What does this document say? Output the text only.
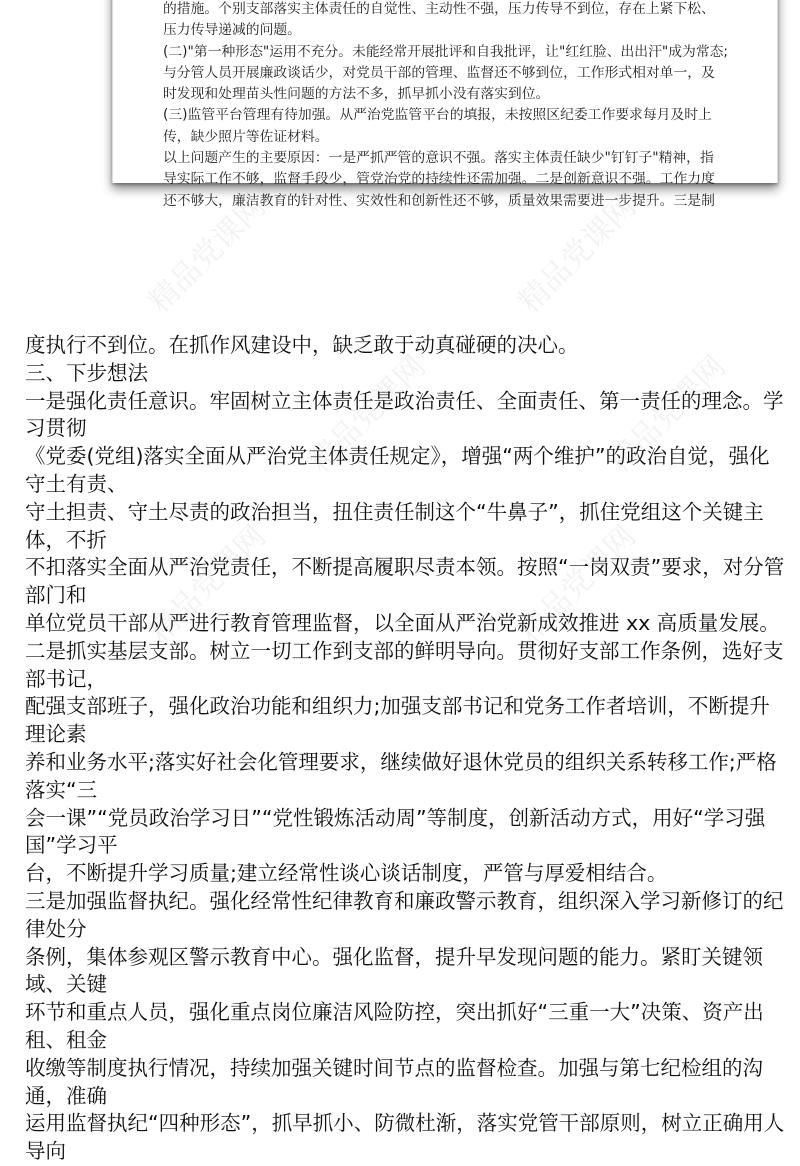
的措施。个别支部落实主体责任的自觉性、主动性不强，压力传导不到位，存在上紧下松、
压力传导递减的问题。
(二)"第一种形态"运用不充分。未能经常开展批评和自我批评，让"红红脸、出出汗"成为常态;
与分管人员开展廉政谈话少，对党员干部的管理、监督还不够到位，工作形式相对单一，及
时发现和处理苗头性问题的方法不多，抓早抓小没有落实到位。
(三)监管平台管理有待加强。从严治党监管平台的填报，未按照区纪委工作要求每月及时上
传，缺少照片等佐证材料。
以上问题产生的主要原因：一是严抓严管的意识不强。落实主体责任缺少"钉钉子"精神，指
导实际工作不够，监督手段少，管党治党的持续性还需加强。二是创新意识不强。工作力度
还不够大，廉洁教育的针对性、实效性和创新性还不够，质量效果需要进一步提升。三是制
度执行不到位。在抓作风建设中，缺乏敢于动真碰硬的决心。
三、下步想法
一是强化责任意识。牢固树立主体责任是政治责任、全面责任、第一责任的理念。学习贯彻
《党委(党组)落实全面从严治党主体责任规定》，增强“两个维护”的政治自觉，强化守土有责、
守土担责、守土尽责的政治担当，扭住责任制这个“牛鼻子”，抓住党组这个关键主体，不折
不扣落实全面从严治党责任，不断提高履职尽责本领。按照“一岗双责”要求，对分管部门和
单位党员干部从严进行教育管理监督，以全面从严治党新成效推进 xx 高质量发展。
二是抓实基层支部。树立一切工作到支部的鲜明导向。贯彻好支部工作条例，选好支部书记，
配强支部班子，强化政治功能和组织力;加强支部书记和党务工作者培训，不断提升理论素
养和业务水平;落实好社会化管理要求，继续做好退休党员的组织关系转移工作;严格落实“三
会一课”“党员政治学习日”“党性锻炼活动周”等制度，创新活动方式，用好“学习强国”学习平
台，不断提升学习质量;建立经常性谈心谈话制度，严管与厚爱相结合。
三是加强监督执纪。强化经常性纪律教育和廉政警示教育，组织深入学习新修订的纪律处分
条例，集体参观区警示教育中心。强化监督，提升早发现问题的能力。紧盯关键领域、关键
环节和重点人员，强化重点岗位廉洁风险防控，突出抓好“三重一大”决策、资产出租、租金
收缴等制度执行情况，持续加强关键时间节点的监督检查。加强与第七纪检组的沟通，准确
运用监督执纪“四种形态”，抓早抓小、防微杜渐，落实党管干部原则，树立正确用人导向
精品党课网	精品党课网
精品党课网	精品党课网
精品党课网	精品党课网
